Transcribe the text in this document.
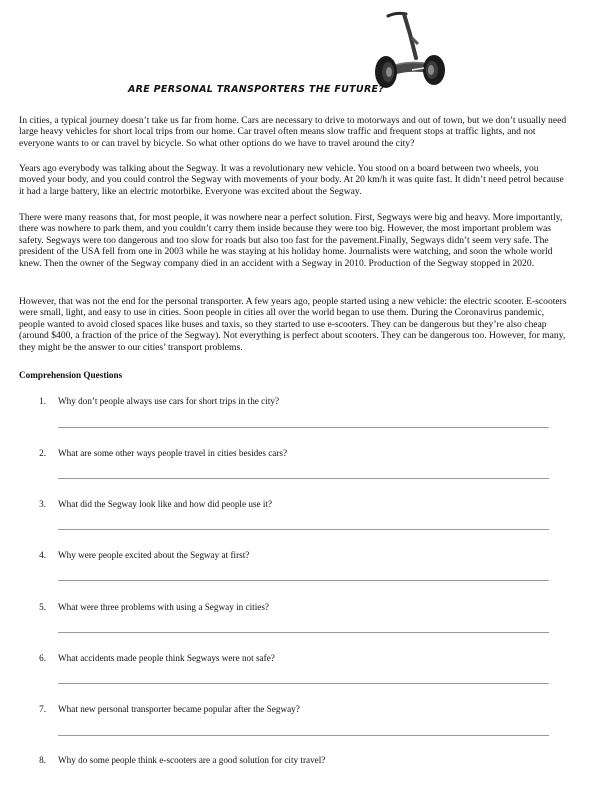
ARE PERSONAL TRANSPORTERS THE FUTURE?

In cities, a typical journey doesn’t take us far from home. Cars are necessary to drive to motorways and out of town, but we don’t usually need large heavy vehicles for short local trips from our home. Car travel often means slow traffic and frequent stops at traffic lights, and not everyone wants to or can travel by bicycle. So what other options do we have to travel around the city?

Years ago everybody was talking about the Segway. It was a revolutionary new vehicle. You stood on a board between two wheels, you moved your body, and you could control the Segway with movements of your body. At 20 km/h it was quite fast. It didn’t need petrol because it had a large battery, like an electric motorbike. Everyone was excited about the Segway.

There were many reasons that, for most people, it was nowhere near a perfect solution. First, Segways were big and heavy. More importantly, there was nowhere to park them, and you couldn’t carry them inside because they were too big. However, the most important problem was safety. Segways were too dangerous and too slow for roads but also too fast for the pavement.Finally, Segways didn’t seem very safe. The president of the USA fell from one in 2003 while he was staying at his holiday home. Journalists were watching, and soon the whole world knew. Then the owner of the Segway company died in an accident with a Segway in 2010. Production of the Segway stopped in 2020.

However, that was not the end for the personal transporter. A few years ago, people started using a new vehicle: the electric scooter. E-scooters were small, light, and easy to use in cities. Soon people in cities all over the world began to use them. During the Coronavirus pandemic, people wanted to avoid closed spaces like buses and taxis, so they started to use e-scooters. They can be dangerous but they’re also cheap (around $400, a fraction of the price of the Segway). Not everything is perfect about scooters. They can be dangerous too. However, for many, they might be the answer to our cities’ transport problems.

Comprehension Questions
1. Why don’t people always use cars for short trips in the city?
2. What are some other ways people travel in cities besides cars?
3. What did the Segway look like and how did people use it?
4. Why were people excited about the Segway at first?
5. What were three problems with using a Segway in cities?
6. What accidents made people think Segways were not safe?
7. What new personal transporter became popular after the Segway?
8. Why do some people think e-scooters are a good solution for city travel?
